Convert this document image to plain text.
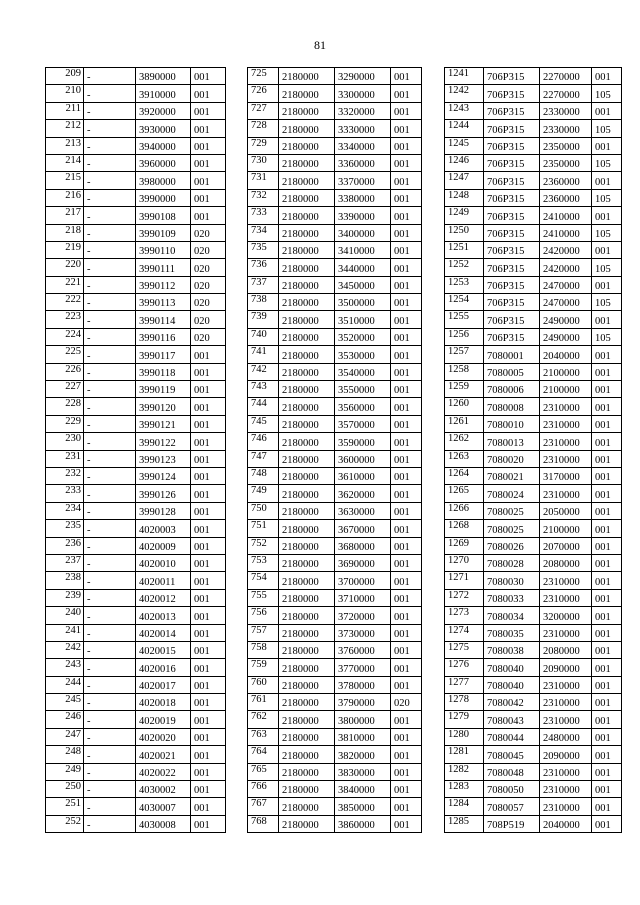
81
209	-	3890000	001
210	-	3910000	001
211	-	3920000	001
212	-	3930000	001
213	-	3940000	001
214	-	3960000	001
215	-	3980000	001
216	-	3990000	001
217	-	3990108	001
218	-	3990109	020
219	-	3990110	020
220	-	3990111	020
221	-	3990112	020
222	-	3990113	020
223	-	3990114	020
224	-	3990116	020
225	-	3990117	001
226	-	3990118	001
227	-	3990119	001
228	-	3990120	001
229	-	3990121	001
230	-	3990122	001
231	-	3990123	001
232	-	3990124	001
233	-	3990126	001
234	-	3990128	001
235	-	4020003	001
236	-	4020009	001
237	-	4020010	001
238	-	4020011	001
239	-	4020012	001
240	-	4020013	001
241	-	4020014	001
242	-	4020015	001
243	-	4020016	001
244	-	4020017	001
245	-	4020018	001
246	-	4020019	001
247	-	4020020	001
248	-	4020021	001
249	-	4020022	001
250	-	4030002	001
251	-	4030007	001
252	-	4030008	001
725	2180000	3290000	001
726	2180000	3300000	001
727	2180000	3320000	001
728	2180000	3330000	001
729	2180000	3340000	001
730	2180000	3360000	001
731	2180000	3370000	001
732	2180000	3380000	001
733	2180000	3390000	001
734	2180000	3400000	001
735	2180000	3410000	001
736	2180000	3440000	001
737	2180000	3450000	001
738	2180000	3500000	001
739	2180000	3510000	001
740	2180000	3520000	001
741	2180000	3530000	001
742	2180000	3540000	001
743	2180000	3550000	001
744	2180000	3560000	001
745	2180000	3570000	001
746	2180000	3590000	001
747	2180000	3600000	001
748	2180000	3610000	001
749	2180000	3620000	001
750	2180000	3630000	001
751	2180000	3670000	001
752	2180000	3680000	001
753	2180000	3690000	001
754	2180000	3700000	001
755	2180000	3710000	001
756	2180000	3720000	001
757	2180000	3730000	001
758	2180000	3760000	001
759	2180000	3770000	001
760	2180000	3780000	001
761	2180000	3790000	020
762	2180000	3800000	001
763	2180000	3810000	001
764	2180000	3820000	001
765	2180000	3830000	001
766	2180000	3840000	001
767	2180000	3850000	001
768	2180000	3860000	001
1241	706P315	2270000	001
1242	706P315	2270000	105
1243	706P315	2330000	001
1244	706P315	2330000	105
1245	706P315	2350000	001
1246	706P315	2350000	105
1247	706P315	2360000	001
1248	706P315	2360000	105
1249	706P315	2410000	001
1250	706P315	2410000	105
1251	706P315	2420000	001
1252	706P315	2420000	105
1253	706P315	2470000	001
1254	706P315	2470000	105
1255	706P315	2490000	001
1256	706P315	2490000	105
1257	7080001	2040000	001
1258	7080005	2100000	001
1259	7080006	2100000	001
1260	7080008	2310000	001
1261	7080010	2310000	001
1262	7080013	2310000	001
1263	7080020	2310000	001
1264	7080021	3170000	001
1265	7080024	2310000	001
1266	7080025	2050000	001
1268	7080025	2100000	001
1269	7080026	2070000	001
1270	7080028	2080000	001
1271	7080030	2310000	001
1272	7080033	2310000	001
1273	7080034	3200000	001
1274	7080035	2310000	001
1275	7080038	2080000	001
1276	7080040	2090000	001
1277	7080040	2310000	001
1278	7080042	2310000	001
1279	7080043	2310000	001
1280	7080044	2480000	001
1281	7080045	2090000	001
1282	7080048	2310000	001
1283	7080050	2310000	001
1284	7080057	2310000	001
1285	708P519	2040000	001
